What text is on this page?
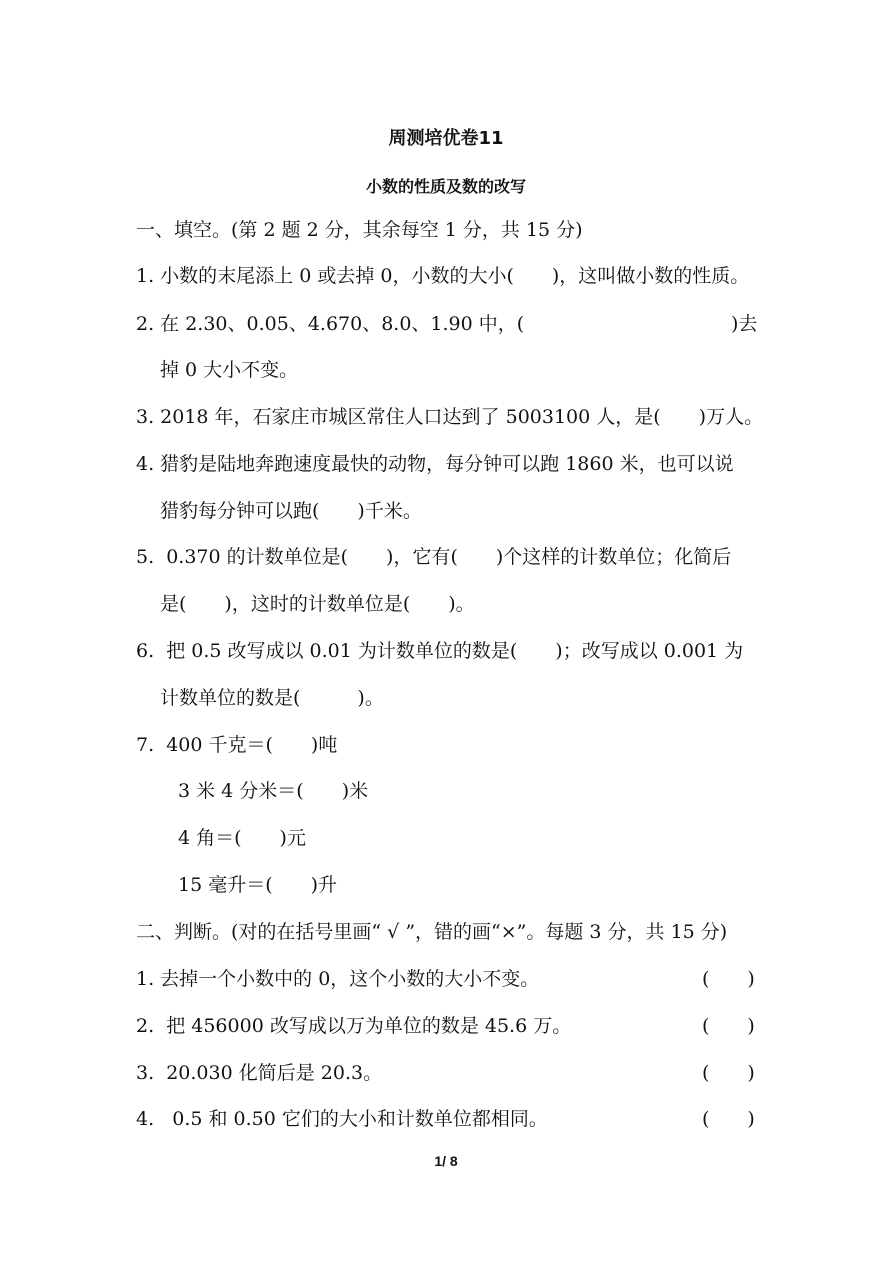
周测培优卷11
小数的性质及数的改写
一、填空。(第 2 题 2 分，其余每空 1 分，共 15 分)
1. 小数的末尾添上 0 或去掉 0，小数的大小(　　)，这叫做小数的性质。
2. 在 2.30、0.05、4.670、8.0、1.90 中，(	)去
掉 0 大小不变。
3. 2018 年，石家庄市城区常住人口达到了 5003100 人，是(　　)万人。
4. 猎豹是陆地奔跑速度最快的动物，每分钟可以跑 1860 米，也可以说
猎豹每分钟可以跑(　　)千米。
5.  0.370 的计数单位是(　　)，它有(　　)个这样的计数单位；化简后
是(　　)，这时的计数单位是(　　)。
6.  把 0.5 改写成以 0.01 为计数单位的数是(　　)；改写成以 0.001 为
计数单位的数是(　　　)。
7.  400 千克＝(　　)吨
3 米 4 分米＝(　　)米
4 角＝(　　)元
15 毫升＝(　　)升
二、判断。(对的在括号里画“ √ ”，错的画“×”。每题 3 分，共 15 分)
1. 去掉一个小数中的 0，这个小数的大小不变。	(　　)
2.  把 456000 改写成以万为单位的数是 45.6 万。	(　　)
3.  20.030 化简后是 20.3。	(　　)
4.   0.5 和 0.50 它们的大小和计数单位都相同。	(　　)
1/ 8
